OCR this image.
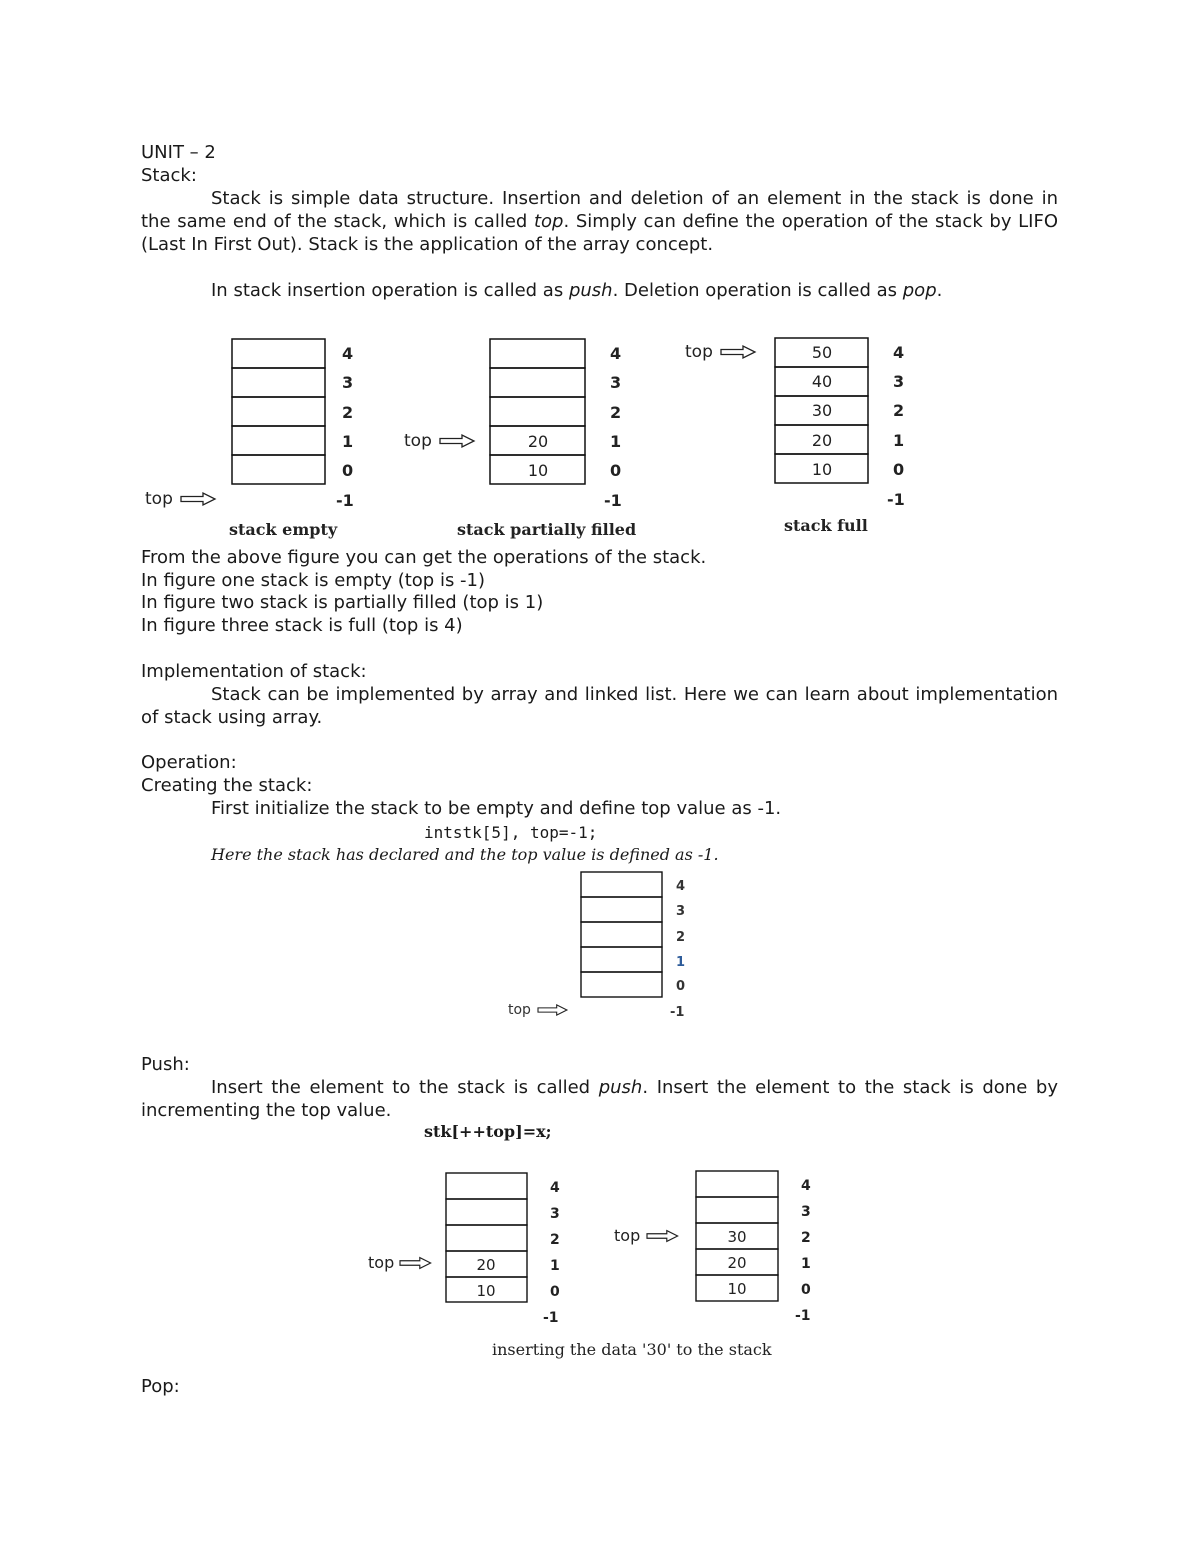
UNIT – 2
Stack:
Stack is simple data structure. Insertion and deletion of an element in the stack is done in the same end of the stack, which is called top. Simply can define the operation of the stack by LIFO (Last In First Out). Stack is the application of the array concept.
In stack insertion operation is called as push. Deletion operation is called as pop.
From the above figure you can get the operations of the stack.
In figure one stack is empty (top is -1)
In figure two stack is partially filled (top is 1)
In figure three stack is full (top is 4)
Implementation of stack:
Stack can be implemented by array and linked list. Here we can learn about implementation of stack using array.
Operation:
Creating the stack:
First initialize the stack to be empty and define top value as -1.
intstk[5], top=-1;
Here the stack has declared and the top value is defined as -1.
Push:
Insert the element to the stack is called push. Insert the element to the stack is done by incrementing the top value.
stk[++top]=x;
Pop:
4
3
2
1
0
-1
top
stack empty
20
10
4
3
2
1
0
-1
top
stack partially filled
50
40
30
20
10
4
3
2
1
0
-1
top
stack full
4
3
2
1
0
-1
top
20
10
4
3
2
1
0
-1
top
30
20
10
4
3
2
1
0
-1
top
inserting the data '30' to the stack
